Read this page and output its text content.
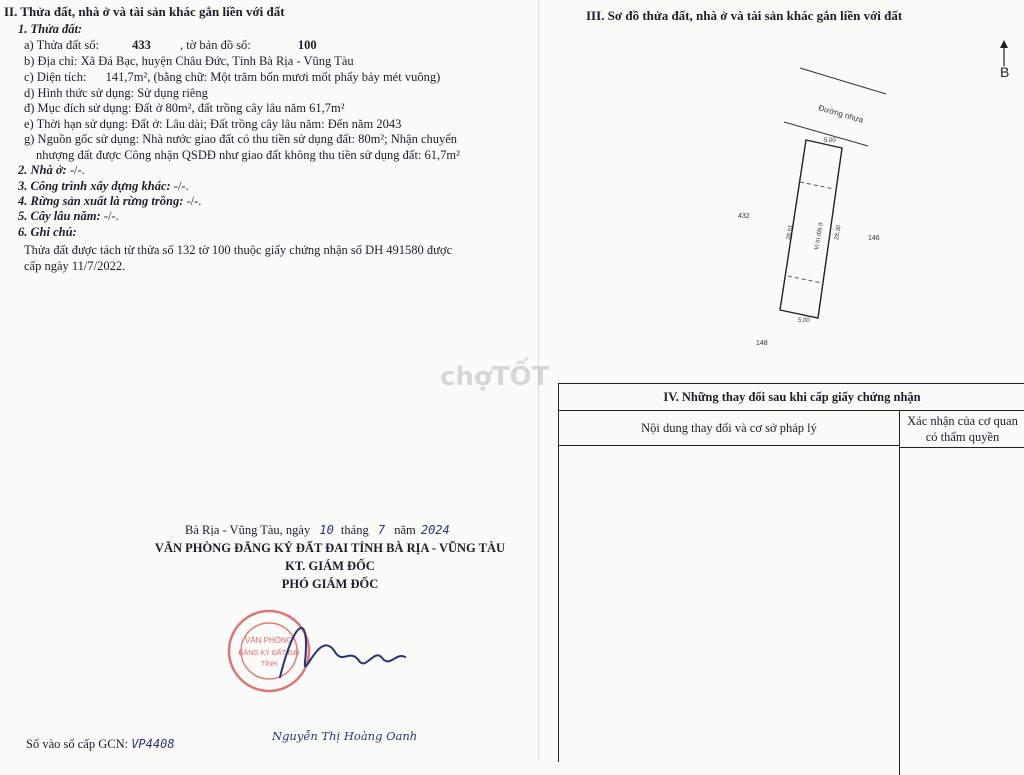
II. Thửa đất, nhà ở và tài sản khác gắn liền với đất
1. Thửa đất:
a) Thửa đất số:	433 , tờ bản đồ số:	100
b) Địa chỉ: Xã Đá Bạc, huyện Châu Đức, Tỉnh Bà Rịa - Vũng Tàu
c) Diện tích: 141,7m², (bằng chữ: Một trăm bốn mươi mốt phẩy bảy mét vuông)
d) Hình thức sử dụng: Sử dụng riêng
đ) Mục đích sử dụng: Đất ở 80m², đất trồng cây lâu năm 61,7m²
e) Thời hạn sử dụng: Đất ở: Lâu dài; Đất trồng cây lâu năm: Đến năm 2043
g) Nguồn gốc sử dụng: Nhà nước giao đất có thu tiền sử dụng đất: 80m²; Nhận chuyển
nhượng đất được Công nhận QSDĐ như giao đất không thu tiền sử dụng đất: 61,7m²
2. Nhà ở: -/-.
3. Công trình xây dựng khác: -/-.
4. Rừng sản xuất là rừng trồng: -/-.
5. Cây lâu năm: -/-.
6. Ghi chú:
Thửa đất được tách từ thửa số 132 tờ 100 thuộc giấy chứng nhận số DH 491580 được
cấp ngày 11/7/2022.
Bà Rịa - Vũng Tàu, ngày 10 tháng 7 năm 2024
VĂN PHÒNG ĐĂNG KÝ ĐẤT ĐAI TỈNH BÀ RỊA - VŨNG TÀU
KT. GIÁM ĐỐC
PHÓ GIÁM ĐỐC
VĂN PHÒNG
ĐĂNG KÝ ĐẤT ĐAI
TỈNH
Nguyễn Thị Hoàng Oanh
Số vào sổ cấp GCN: VP4408
III. Sơ đồ thửa đất, nhà ở và tài sản khác gắn liền với đất
Đường nhựa
5.00
5.00
28.51	28.30
Vị trí đất ở
432
146
148
B
IV. Những thay đổi sau khi cấp giấy chứng nhận
Nội dung thay đổi và cơ sở pháp lý	Xác nhận của cơ quan có thẩm quyền
chợTỐT
